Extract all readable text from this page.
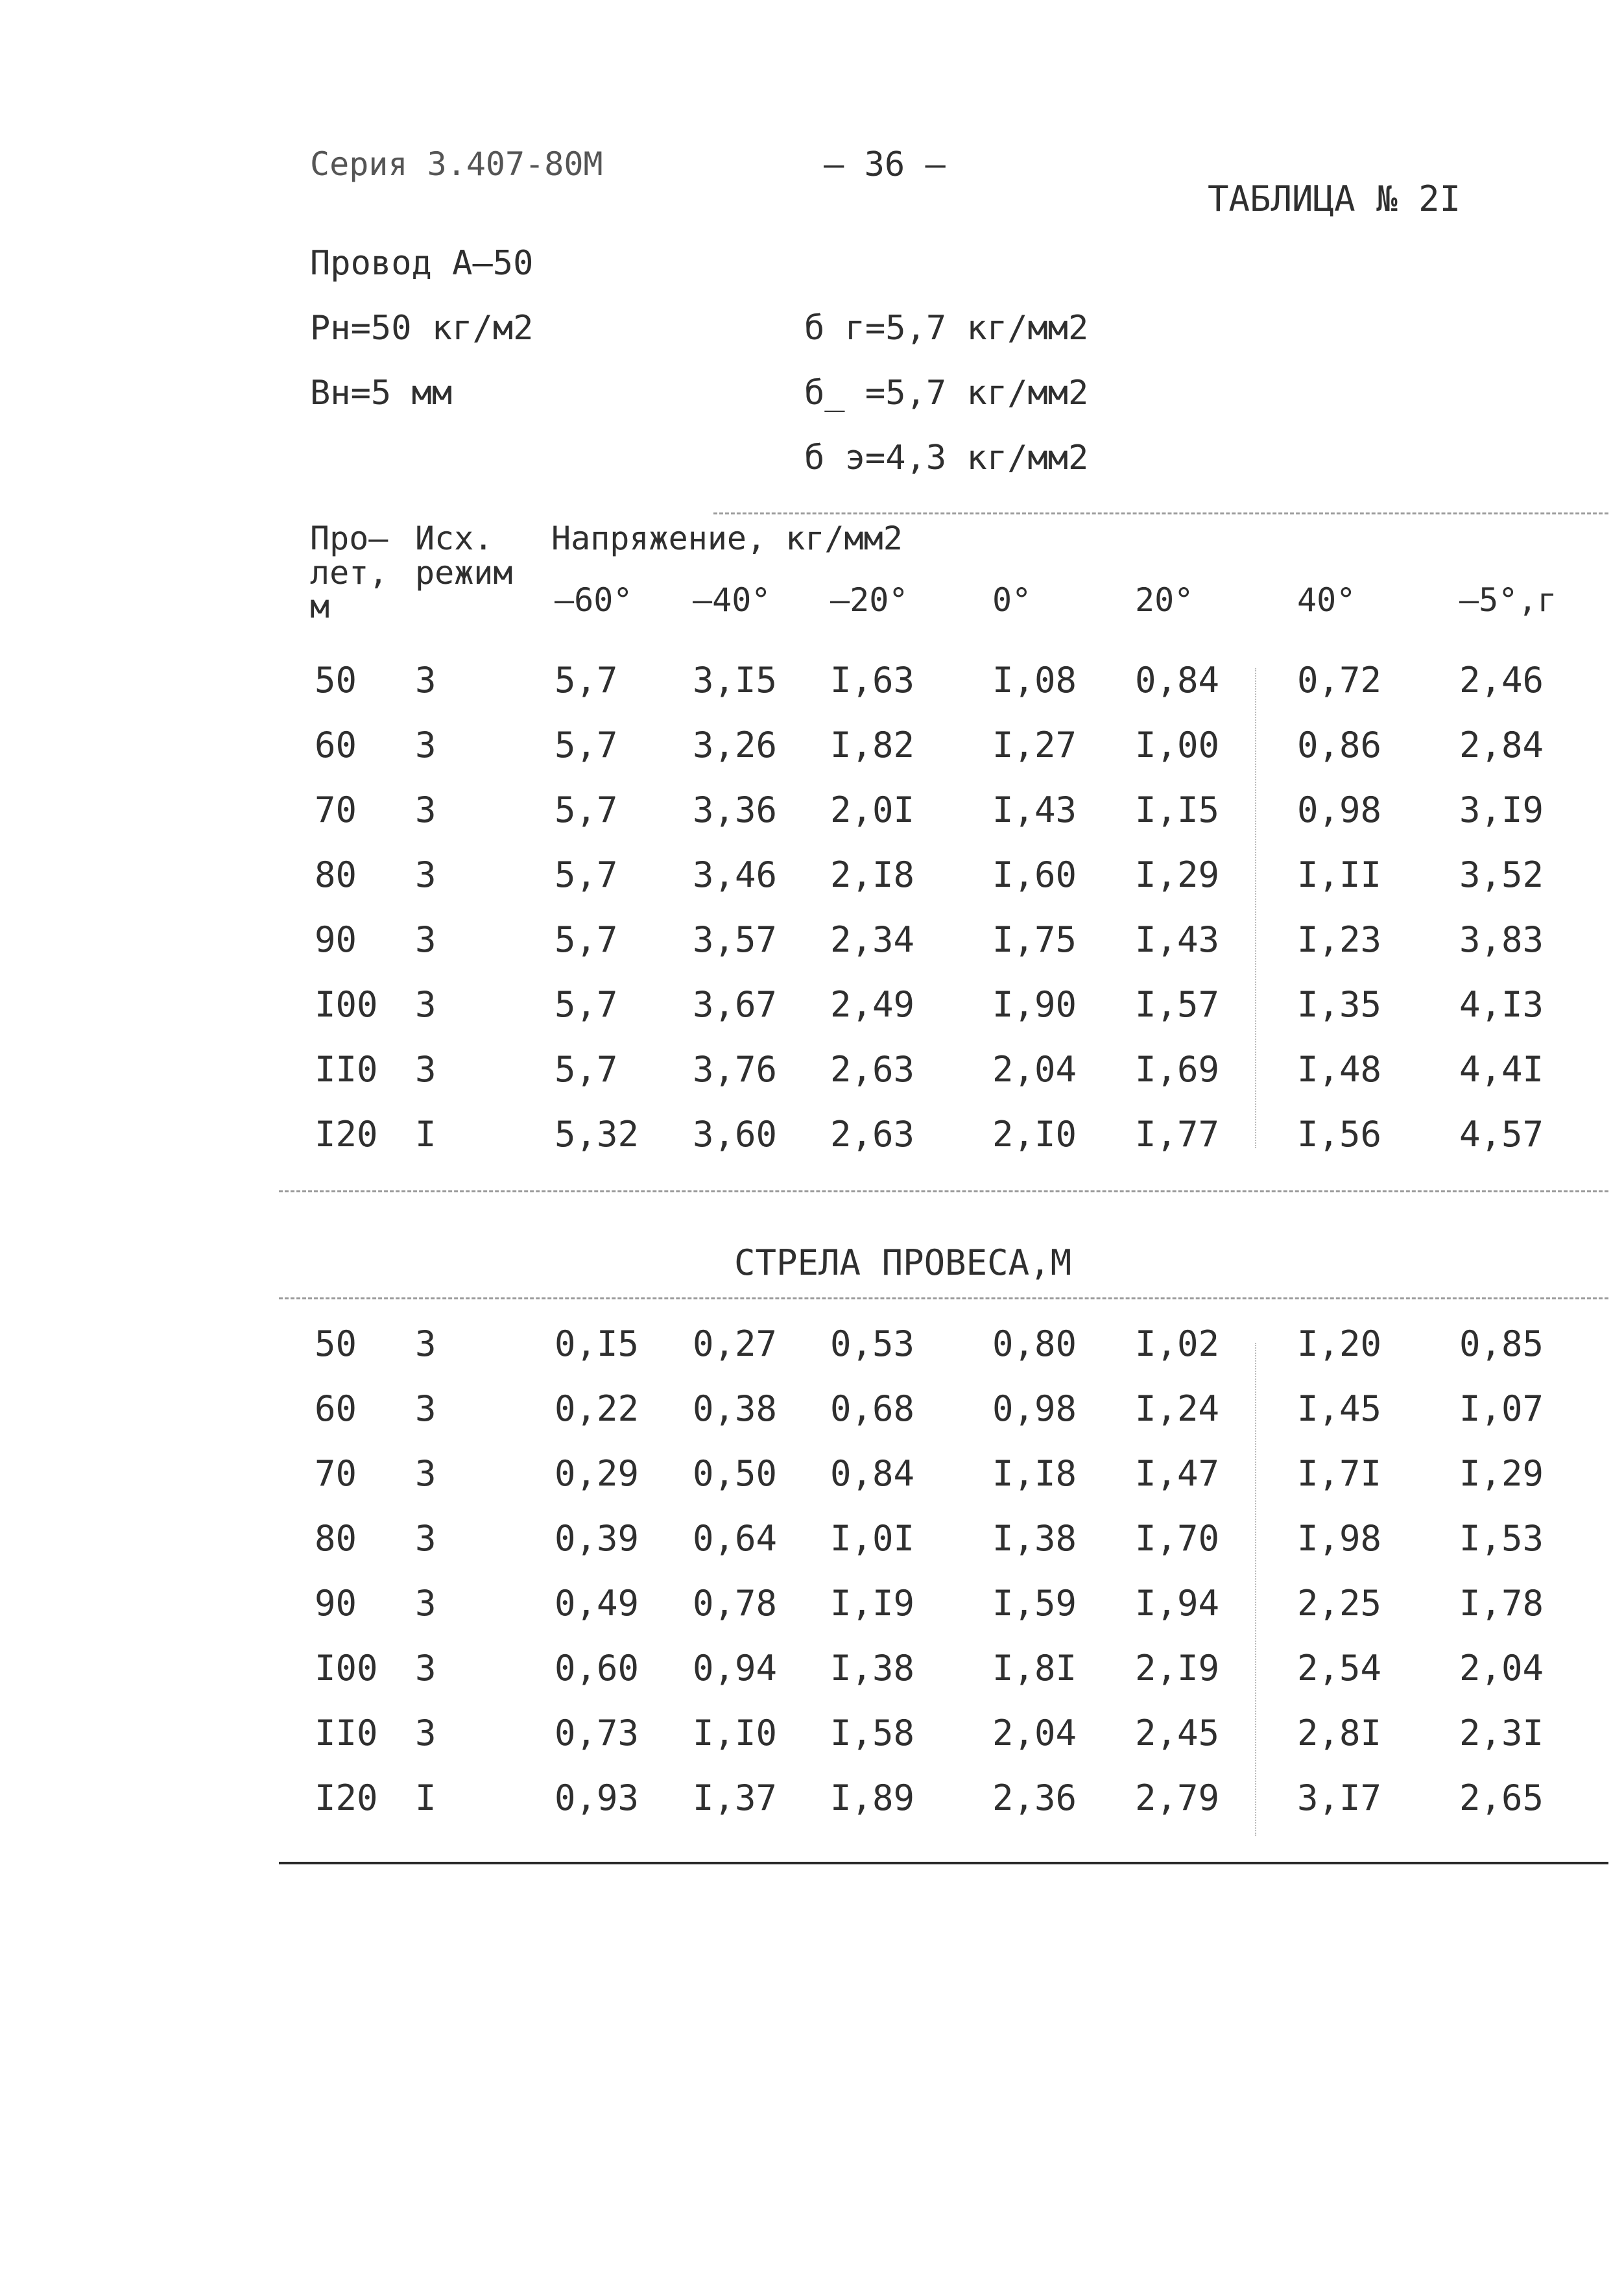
Серия 3.407-80М	– 36 –
ТАБЛИЦА № 2I
Провод А–50
Рн=50 кг/м2
Вн=5 мм
б г=5,7 кг/мм2
б_ =5,7 кг/мм2
б э=4,3 кг/мм2
Про–
лет,
м
Исх.
режим
Напряжение, кг/мм2
–60° –40° –20°	0°	20°	40°	–5°,г
50 3	5,7 3,I5 I,63 I,08 0,84 0,72 2,46
60 3	5,7 3,26 I,82 I,27 I,00 0,86 2,84
70 3	5,7 3,36 2,0I I,43 I,I5 0,98 3,I9
80 3	5,7 3,46 2,I8 I,60 I,29 I,II 3,52
90 3	5,7 3,57 2,34 I,75 I,43 I,23 3,83
I00 3	5,7 3,67 2,49 I,90 I,57 I,35 4,I3
II0 3	5,7 3,76 2,63 2,04 I,69 I,48 4,4I
I20 I	5,32 3,60 2,63 2,I0 I,77 I,56 4,57
СТРЕЛА ПРОВЕСА,М
50 3	0,I5 0,27 0,53 0,80 I,02 I,20 0,85
60 3	0,22 0,38 0,68 0,98 I,24 I,45 I,07
70 3	0,29 0,50 0,84 I,I8 I,47 I,7I I,29
80 3	0,39 0,64 I,0I I,38 I,70 I,98 I,53
90 3	0,49 0,78 I,I9 I,59 I,94 2,25 I,78
I00 3	0,60 0,94 I,38 I,8I 2,I9 2,54 2,04
II0 3	0,73 I,I0 I,58 2,04 2,45 2,8I 2,3I
I20 I	0,93 I,37 I,89 2,36 2,79 3,I7 2,65
